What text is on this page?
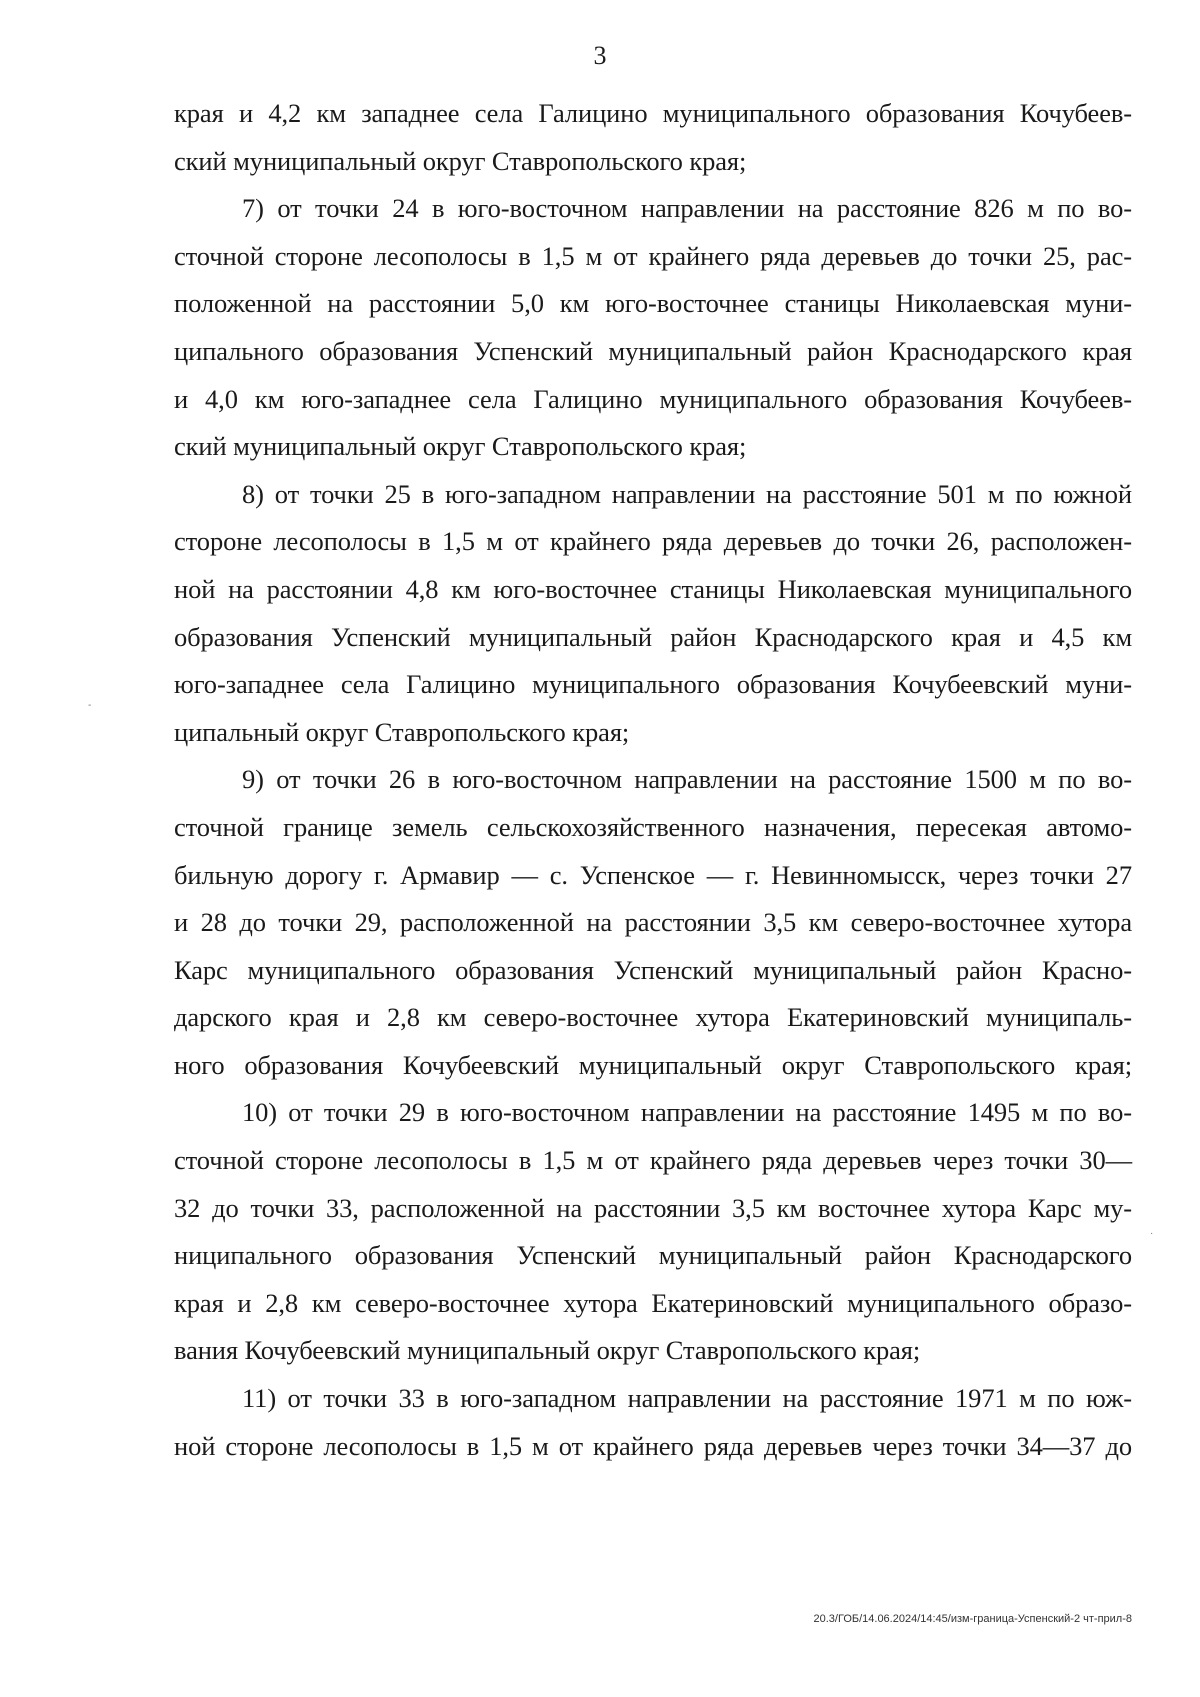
3
края и 4,2 км западнее села Галицино муниципального образования Кочубеев-
ский муниципальный округ Ставропольского края;
7) от точки 24 в юго-восточном направлении на расстояние 826 м по во-
сточной стороне лесополосы в 1,5 м от крайнего ряда деревьев до точки 25, рас-
положенной на расстоянии 5,0 км юго-восточнее станицы Николаевская муни-
ципального образования Успенский муниципальный район Краснодарского края
и 4,0 км юго-западнее села Галицино муниципального образования Кочубеев-
ский муниципальный округ Ставропольского края;
8) от точки 25 в юго-западном направлении на расстояние 501 м по южной
стороне лесополосы в 1,5 м от крайнего ряда деревьев до точки 26, расположен-
ной на расстоянии 4,8 км юго-восточнее станицы Николаевская муниципального
образования Успенский муниципальный район Краснодарского края и 4,5 км
юго-западнее села Галицино муниципального образования Кочубеевский муни-
ципальный округ Ставропольского края;
9) от точки 26 в юго-восточном направлении на расстояние 1500 м по во-
сточной границе земель сельскохозяйственного назначения, пересекая автомо-
бильную дорогу г. Армавир — с. Успенское — г. Невинномысск, через точки 27
и 28 до точки 29, расположенной на расстоянии 3,5 км северо-восточнее хутора
Карс муниципального образования Успенский муниципальный район Красно-
дарского края и 2,8 км северо-восточнее хутора Екатериновский муниципаль-
ного образования Кочубеевский муниципальный округ Ставропольского края;
10) от точки 29 в юго-восточном направлении на расстояние 1495 м по во-
сточной стороне лесополосы в 1,5 м от крайнего ряда деревьев через точки 30—
32 до точки 33, расположенной на расстоянии 3,5 км восточнее хутора Карс му-
ниципального образования Успенский муниципальный район Краснодарского
края и 2,8 км северо-восточнее хутора Екатериновский муниципального образо-
вания Кочубеевский муниципальный округ Ставропольского края;
11) от точки 33 в юго-западном направлении на расстояние 1971 м по юж-
ной стороне лесополосы в 1,5 м от крайнего ряда деревьев через точки 34—37 до
-
·
20.3/ГОБ/14.06.2024/14:45/изм-граница-Успенский-2 чт-прил-8
